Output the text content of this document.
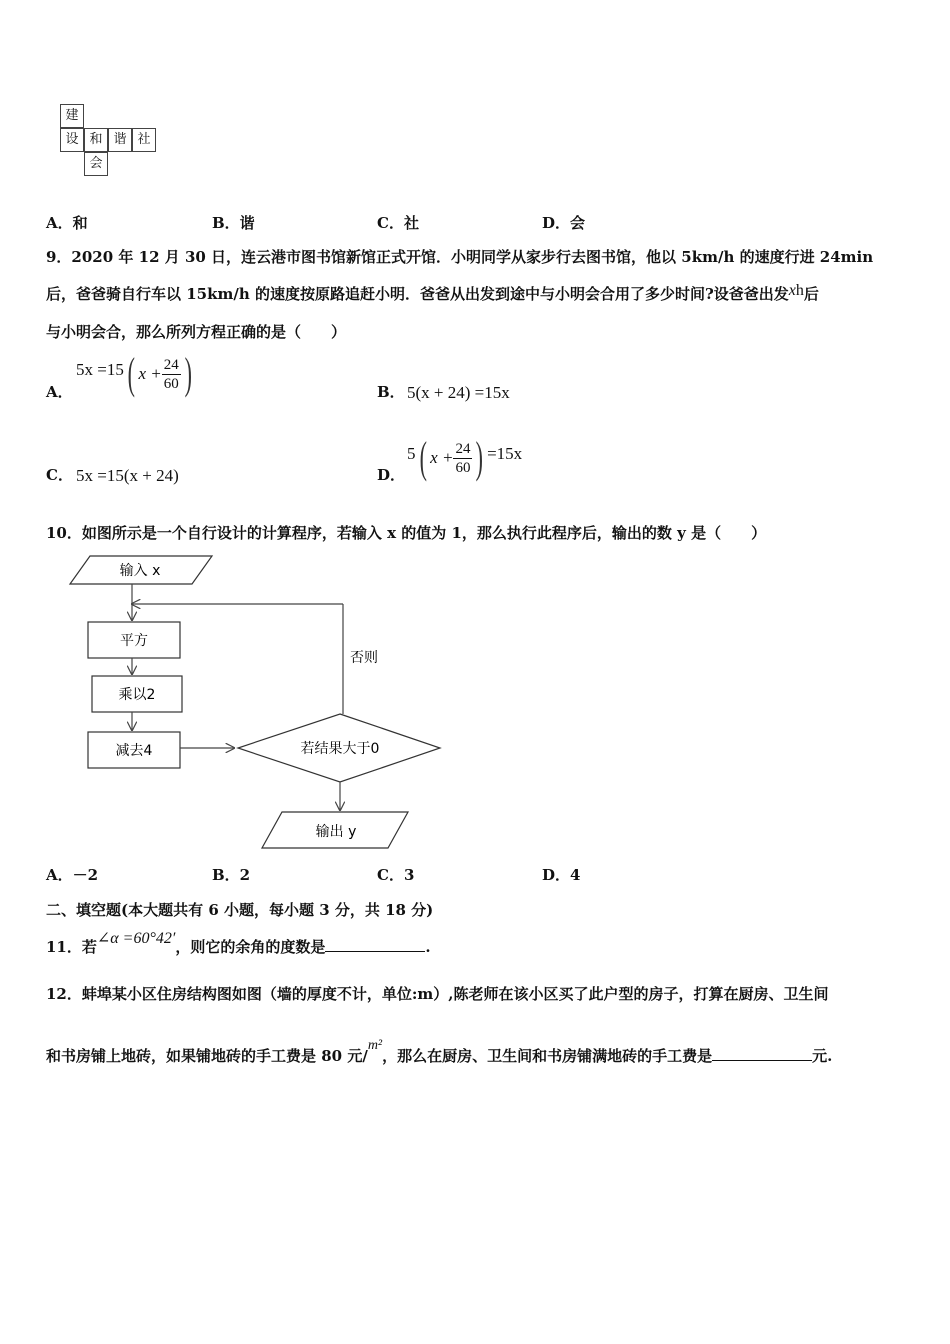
建
设 和 谐 社
会
A．和	B．谐	C．社	D．会
9．2020 年 12 月 30 日，连云港市图书馆新馆正式开馆．小明同学从家步行去图书馆，他以 5km/h 的速度行进 24min
后，爸爸骑自行车以 15km/h 的速度按原路追赶小明．爸爸从出发到途中与小明会合用了多少时间?设爸爸出发xh后
与小明会合，那么所列方程正确的是（　　）
A．
5x =15( $x + \frac{24}{60}$ )	B． 5(x + 24) =15x
C． 5x =15(x + 24)	D．
5( $x + \frac{24}{60}$ ) =15x
10．如图所示是一个自行设计的计算程序，若输入 x 的值为 1，那么执行此程序后，输出的数 y 是（　　）
输入 x
否则
平方
乘以2
减去4	若结果大于0
输出 y
A．－2	B．2	C．3	D．4
二、填空题(本大题共有 6 小题，每小题 3 分，共 18 分)
11．若∠α =60°42′，则它的余角的度数是	.
12．蚌埠某小区住房结构图如图（墙的厚度不计，单位:m）,陈老师在该小区买了此户型的房子，打算在厨房、卫生间
和书房铺上地砖，如果铺地砖的手工费是 80 元/m²，那么在厨房、卫生间和书房铺满地砖的手工费是	元.
